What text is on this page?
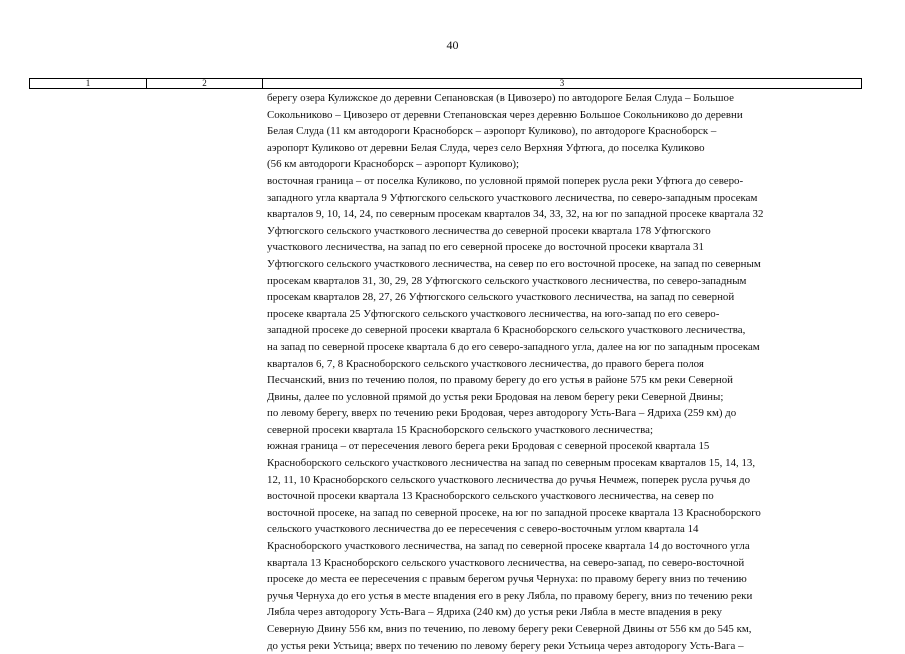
40
1	2	3
берегу озера Кулижское до деревни Сепановская (в Цивозеро) по автодороге Белая Слуда – Большое
Сокольниково – Цивозеро от деревни Степановская через деревню Большое Сокольниково до деревни
Белая Слуда (11 км автодороги Красноборск – аэропорт Куликово), по автодороге Красноборск –
аэропорт Куликово от деревни Белая Слуда, через село Верхняя Уфтюга, до поселка Куликово
(56 км автодороги Красноборск – аэропорт Куликово);
восточная граница – от поселка Куликово, по условной прямой поперек русла реки Уфтюга до северо-
западного угла квартала 9 Уфтюгского сельского участкового лесничества, по северо-западным просекам
кварталов 9, 10, 14, 24, по северным просекам кварталов 34, 33, 32, на юг по западной просеке квартала 32
Уфтюгского сельского участкового лесничества до северной просеки квартала 178 Уфтюгского
участкового лесничества, на запад по его северной просеке до восточной просеки квартала 31
Уфтюгского сельского участкового лесничества, на север по его восточной просеке, на запад по северным
просекам кварталов 31, 30, 29, 28 Уфтюгского сельского участкового лесничества, по северо-западным
просекам кварталов 28, 27, 26 Уфтюгского сельского участкового лесничества, на запад по северной
просеке квартала 25 Уфтюгского сельского участкового лесничества, на юго-запад по его северо-
западной просеке до северной просеки квартала 6 Красноборского сельского участкового лесничества,
на запад по северной просеке квартала 6 до его северо-западного угла, далее на юг по западным просекам
кварталов 6, 7, 8 Красноборского сельского участкового лесничества, до правого берега полоя
Песчанский, вниз по течению полоя, по правому берегу до его устья в районе 575 км реки Северной
Двины, далее по условной прямой до устья реки Бродовая на левом берегу реки Северной Двины;
по левому берегу, вверх по течению реки Бродовая, через автодорогу Усть-Вага – Ядриха (259 км) до
северной просеки квартала 15 Красноборского сельского участкового лесничества;
южная граница – от пересечения левого берега реки Бродовая с северной просекой квартала 15
Красноборского сельского участкового лесничества на запад по северным просекам кварталов 15, 14, 13,
12, 11, 10 Красноборского сельского участкового лесничества до ручья Нечмеж, поперек русла ручья до
восточной просеки квартала 13 Красноборского сельского участкового лесничества, на север по
восточной просеке, на запад по северной просеке, на юг по западной просеке квартала 13 Красноборского
сельского участкового лесничества до ее пересечения с северо-восточным углом квартала 14
Красноборского участкового лесничества, на запад по северной просеке квартала 14 до восточного угла
квартала 13 Красноборского сельского участкового лесничества, на северо-запад, по северо-восточной
просеке до места ее пересечения с правым берегом ручья Чернуха: по правому берегу вниз по течению
ручья Чернуха до его устья в месте впадения его в реку Лябла, по правому берегу, вниз по течению реки
Лябла через автодорогу Усть-Вага – Ядриха (240 км) до устья реки Лябла в месте впадения в реку
Северную Двину 556 км, вниз по течению, по левому берегу реки Северной Двины от 556 км до 545 км,
до устья реки Устьица; вверх по течению по левому берегу реки Устьица через автодорогу Усть-Вага –
